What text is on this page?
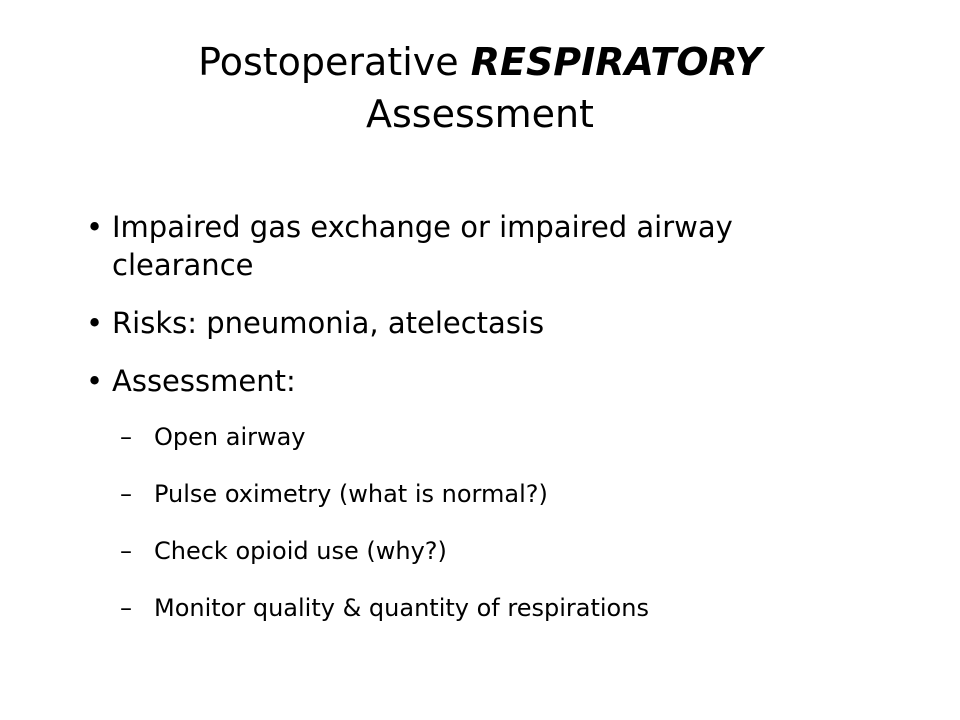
Postoperative RESPIRATORY
Assessment
• Impaired gas exchange or impaired airway clearance
• Risks: pneumonia, atelectasis
• Assessment:
– Open airway
– Pulse oximetry (what is normal?)
– Check opioid use (why?)
– Monitor quality & quantity of respirations
